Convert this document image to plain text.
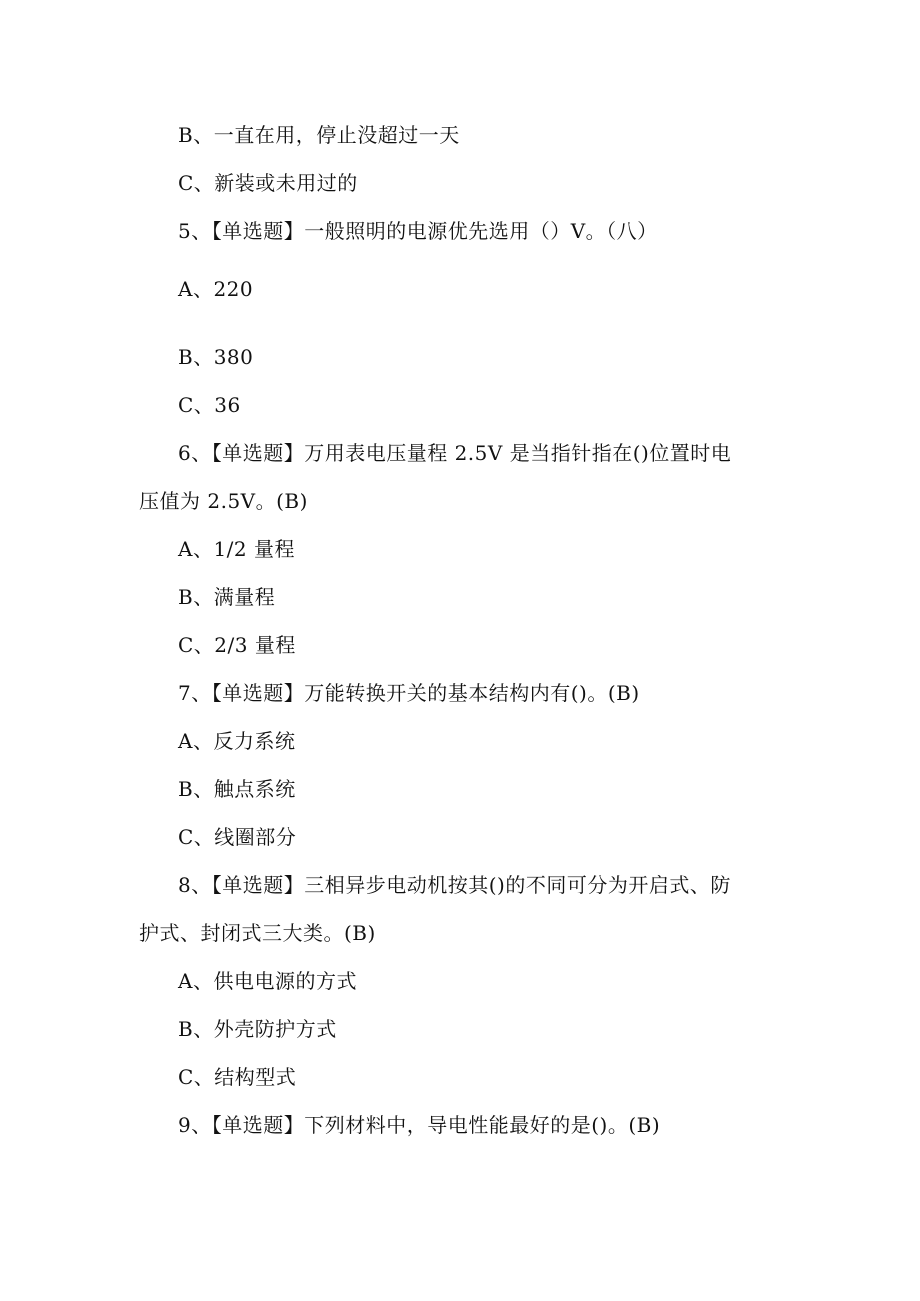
B、一直在用，停止没超过一天
C、新装或未用过的
5、【单选题】一般照明的电源优先选用（）V。（八）
A、220
B、380
C、36
6、【单选题】万用表电压量程 2.5V 是当指针指在()位置时电
压值为 2.5V。(B)
A、1/2 量程
B、满量程
C、2/3 量程
7、【单选题】万能转换开关的基本结构内有()。(B)
A、反力系统
B、触点系统
C、线圈部分
8、【单选题】三相异步电动机按其()的不同可分为开启式、防
护式、封闭式三大类。(B)
A、供电电源的方式
B、外壳防护方式
C、结构型式
9、【单选题】下列材料中，导电性能最好的是()。(B)
